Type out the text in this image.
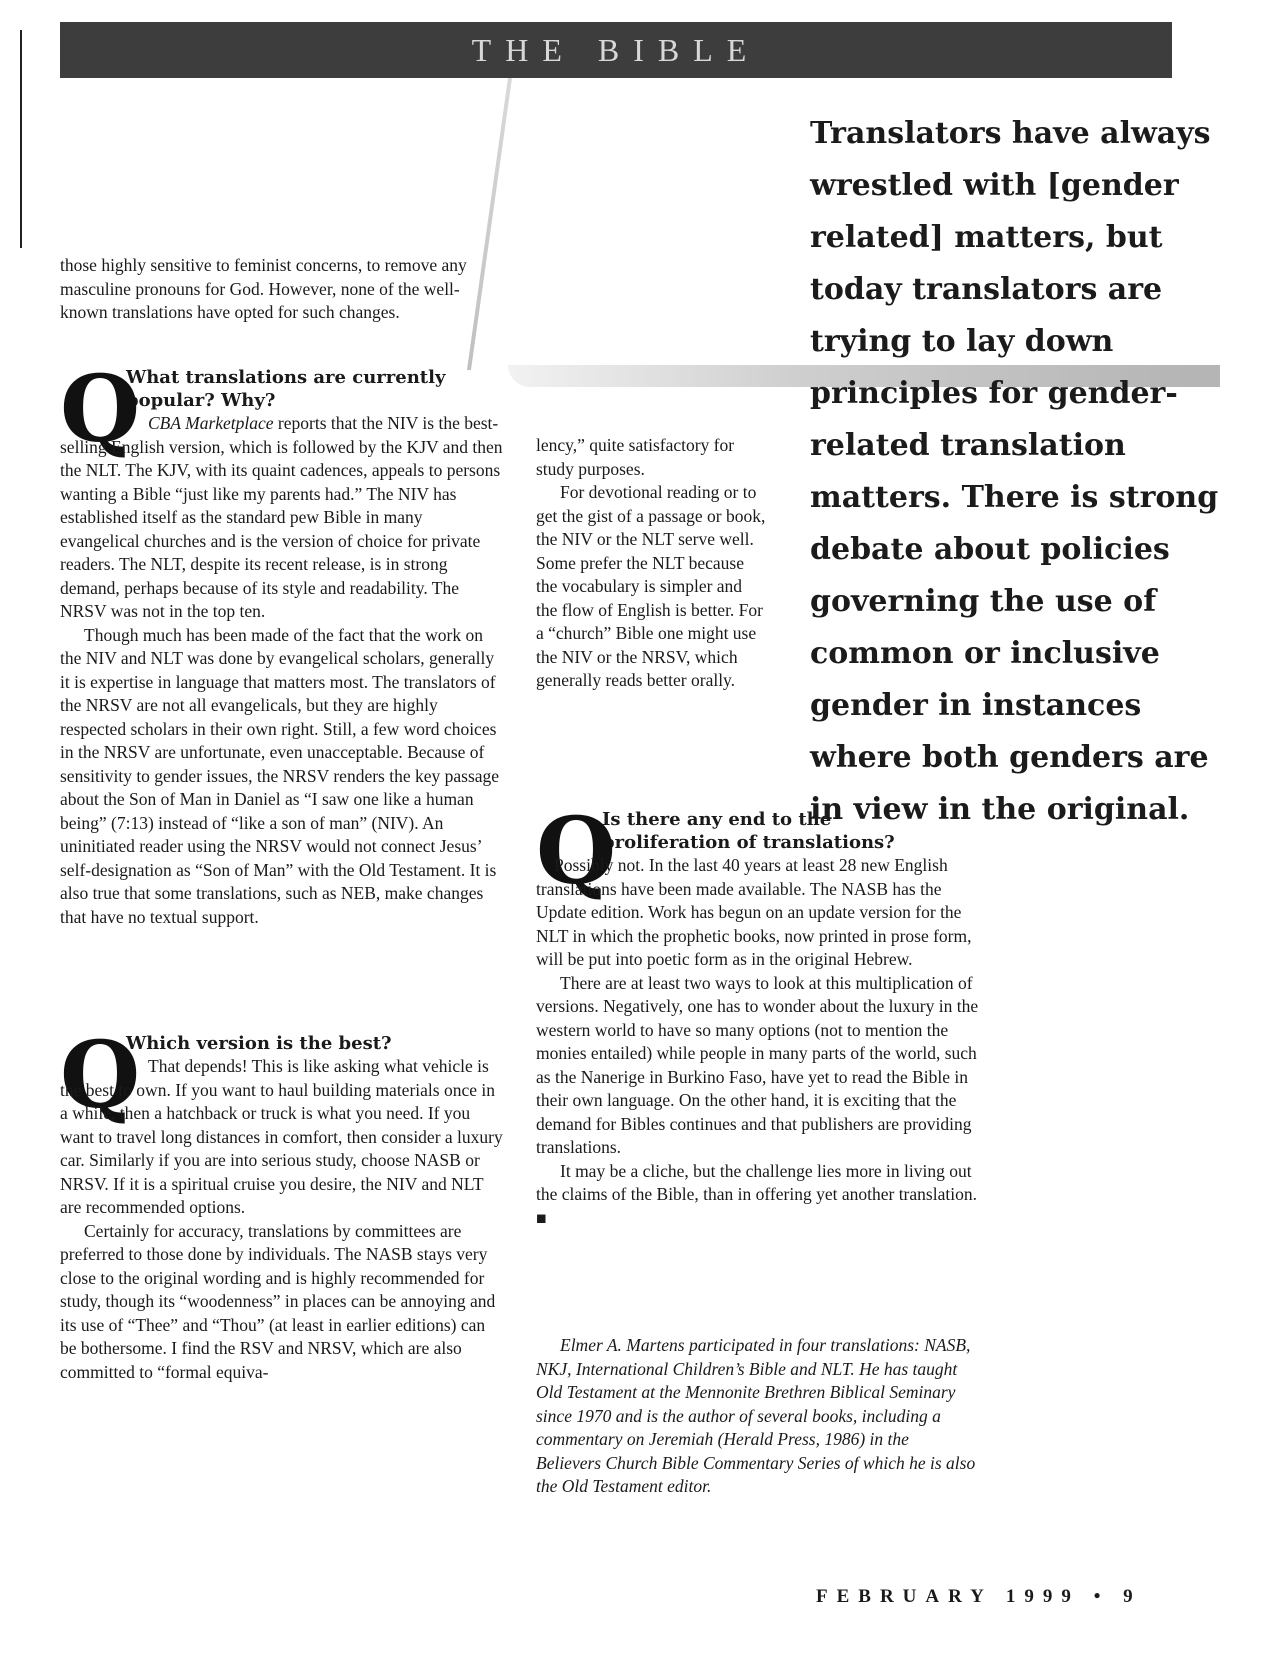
THE BIBLE

Translators have always wrestled with [gender related] matters, but today translators are trying to lay down principles for gender-related translation matters. There is strong debate about policies governing the use of common or inclusive gender in instances where both genders are in view in the original.

those highly sensitive to feminist concerns, to remove any masculine pronouns for God. However, none of the well-known translations have opted for such changes.

Q

What translations are currently popular? Why?

CBA Marketplace reports that the NIV is the best-selling English version, which is followed by the KJV and then the NLT. The KJV, with its quaint cadences, appeals to persons wanting a Bible “just like my parents had.” The NIV has established itself as the standard pew Bible in many evangelical churches and is the version of choice for private readers. The NLT, despite its recent release, is in strong demand, perhaps because of its style and readability. The NRSV was not in the top ten.

Though much has been made of the fact that the work on the NIV and NLT was done by evangelical scholars, generally it is expertise in language that matters most. The translators of the NRSV are not all evangelicals, but they are highly respected scholars in their own right. Still, a few word choices in the NRSV are unfortunate, even unacceptable. Because of sensitivity to gender issues, the NRSV renders the key passage about the Son of Man in Daniel as “I saw one like a human being” (7:13) instead of “like a son of man” (NIV). An uninitiated reader using the NRSV would not connect Jesus’ self-designation as “Son of Man” with the Old Testament. It is also true that some translations, such as NEB, make changes that have no textual support.

Q

Which version is the best?

That depends! This is like asking what vehicle is the best to own. If you want to haul building materials once in a while, then a hatchback or truck is what you need. If you want to travel long distances in comfort, then consider a luxury car. Similarly if you are into serious study, choose NASB or NRSV. If it is a spiritual cruise you desire, the NIV and NLT are recommended options.

Certainly for accuracy, translations by committees are preferred to those done by individuals. The NASB stays very close to the original wording and is highly recommended for study, though its “woodenness” in places can be annoying and its use of “Thee” and “Thou” (at least in earlier editions) can be bothersome. I find the RSV and NRSV, which are also committed to “formal equiva-

lency,” quite satisfactory for study purposes.

For devotional reading or to get the gist of a passage or book, the NIV or the NLT serve well. Some prefer the NLT because the vocabulary is simpler and the flow of English is better. For a “church” Bible one might use the NIV or the NRSV, which generally reads better orally.

Q

Is there any end to the proliferation of translations?

Possibly not. In the last 40 years at least 28 new English translations have been made available. The NASB has the Update edition. Work has begun on an update version for the NLT in which the prophetic books, now printed in prose form, will be put into poetic form as in the original Hebrew.

There are at least two ways to look at this multiplication of versions. Negatively, one has to wonder about the luxury in the western world to have so many options (not to mention the monies entailed) while people in many parts of the world, such as the Nanerige in Burkino Faso, have yet to read the Bible in their own language. On the other hand, it is exciting that the demand for Bibles continues and that publishers are providing translations.

It may be a cliche, but the challenge lies more in living out the claims of the Bible, than in offering yet another translation. ■

Elmer A. Martens participated in four translations: NASB, NKJ, International Children’s Bible and NLT. He has taught Old Testament at the Mennonite Brethren Biblical Seminary since 1970 and is the author of several books, including a commentary on Jeremiah (Herald Press, 1986) in the Believers Church Bible Commentary Series of which he is also the Old Testament editor.

FEBRUARY 1999 • 9
